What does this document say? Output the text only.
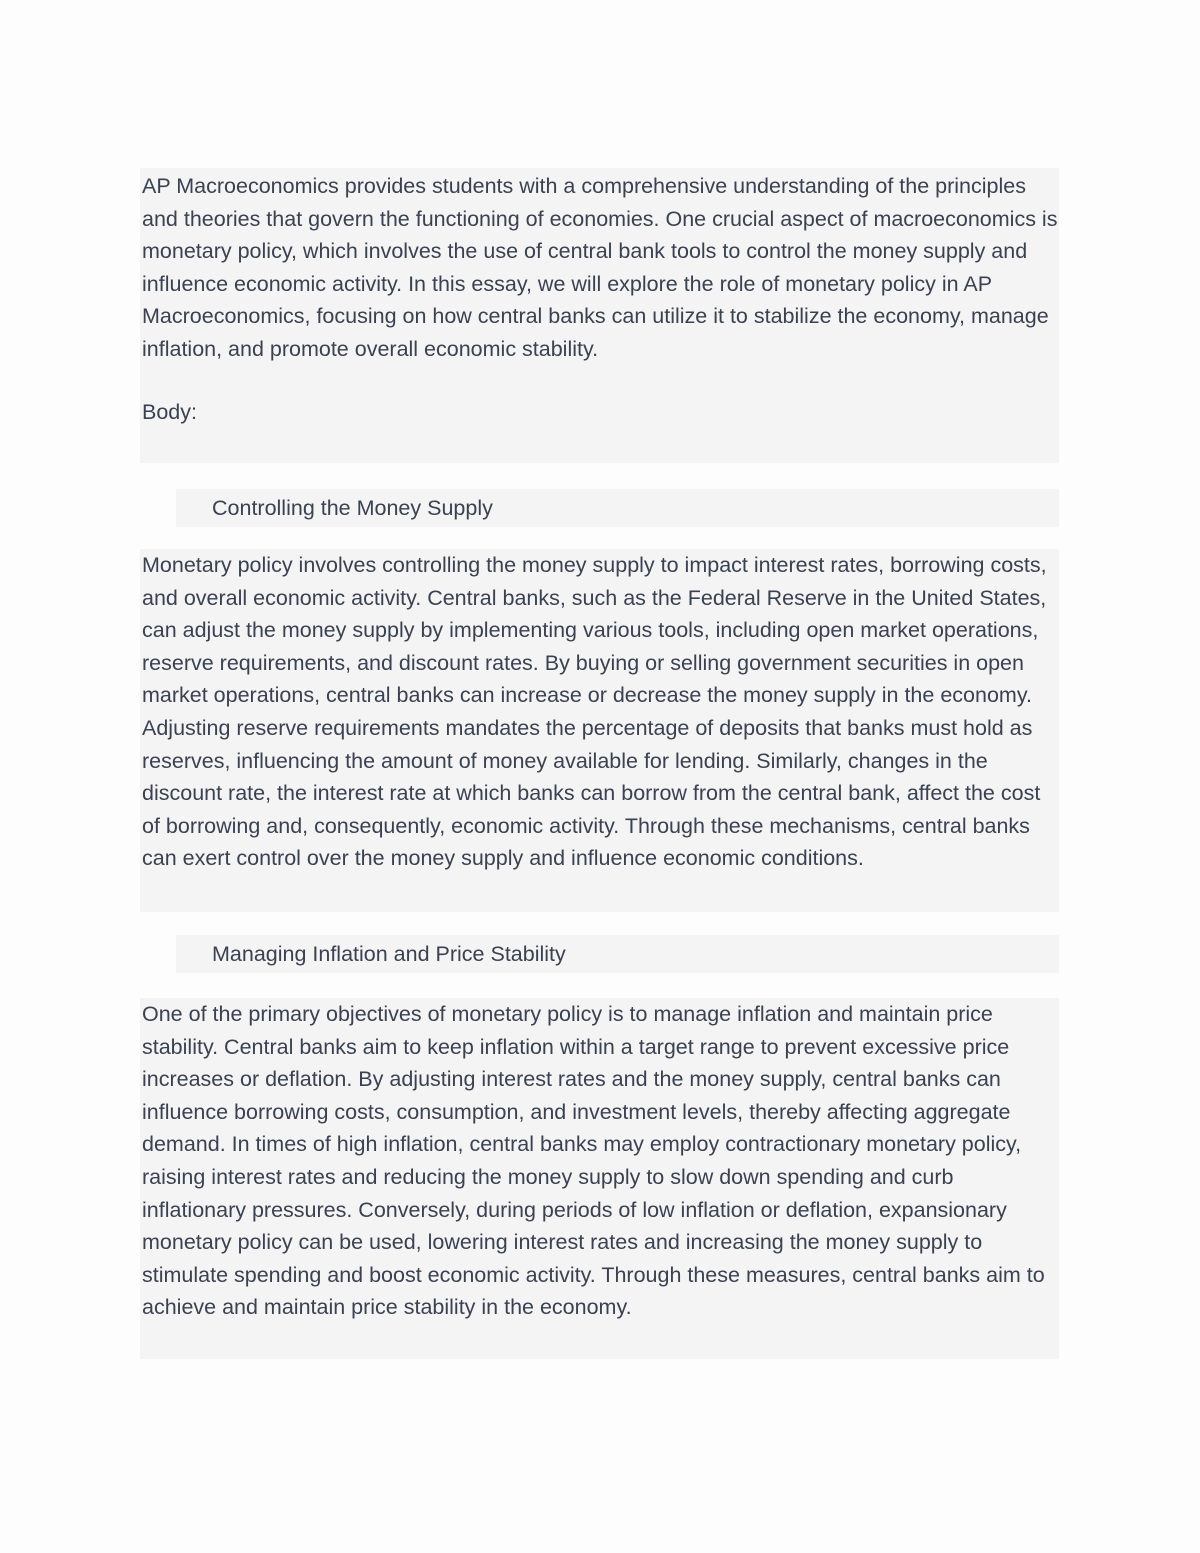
AP Macroeconomics provides students with a comprehensive understanding of the principles and theories that govern the functioning of economies. One crucial aspect of macroeconomics is monetary policy, which involves the use of central bank tools to control the money supply and influence economic activity. In this essay, we will explore the role of monetary policy in AP Macroeconomics, focusing on how central banks can utilize it to stabilize the economy, manage inflation, and promote overall economic stability.

Body:

Controlling the Money Supply

Monetary policy involves controlling the money supply to impact interest rates, borrowing costs, and overall economic activity. Central banks, such as the Federal Reserve in the United States, can adjust the money supply by implementing various tools, including open market operations, reserve requirements, and discount rates. By buying or selling government securities in open market operations, central banks can increase or decrease the money supply in the economy. Adjusting reserve requirements mandates the percentage of deposits that banks must hold as reserves, influencing the amount of money available for lending. Similarly, changes in the discount rate, the interest rate at which banks can borrow from the central bank, affect the cost of borrowing and, consequently, economic activity. Through these mechanisms, central banks can exert control over the money supply and influence economic conditions.

Managing Inflation and Price Stability

One of the primary objectives of monetary policy is to manage inflation and maintain price stability. Central banks aim to keep inflation within a target range to prevent excessive price increases or deflation. By adjusting interest rates and the money supply, central banks can influence borrowing costs, consumption, and investment levels, thereby affecting aggregate demand. In times of high inflation, central banks may employ contractionary monetary policy, raising interest rates and reducing the money supply to slow down spending and curb inflationary pressures. Conversely, during periods of low inflation or deflation, expansionary monetary policy can be used, lowering interest rates and increasing the money supply to stimulate spending and boost economic activity. Through these measures, central banks aim to achieve and maintain price stability in the economy.
